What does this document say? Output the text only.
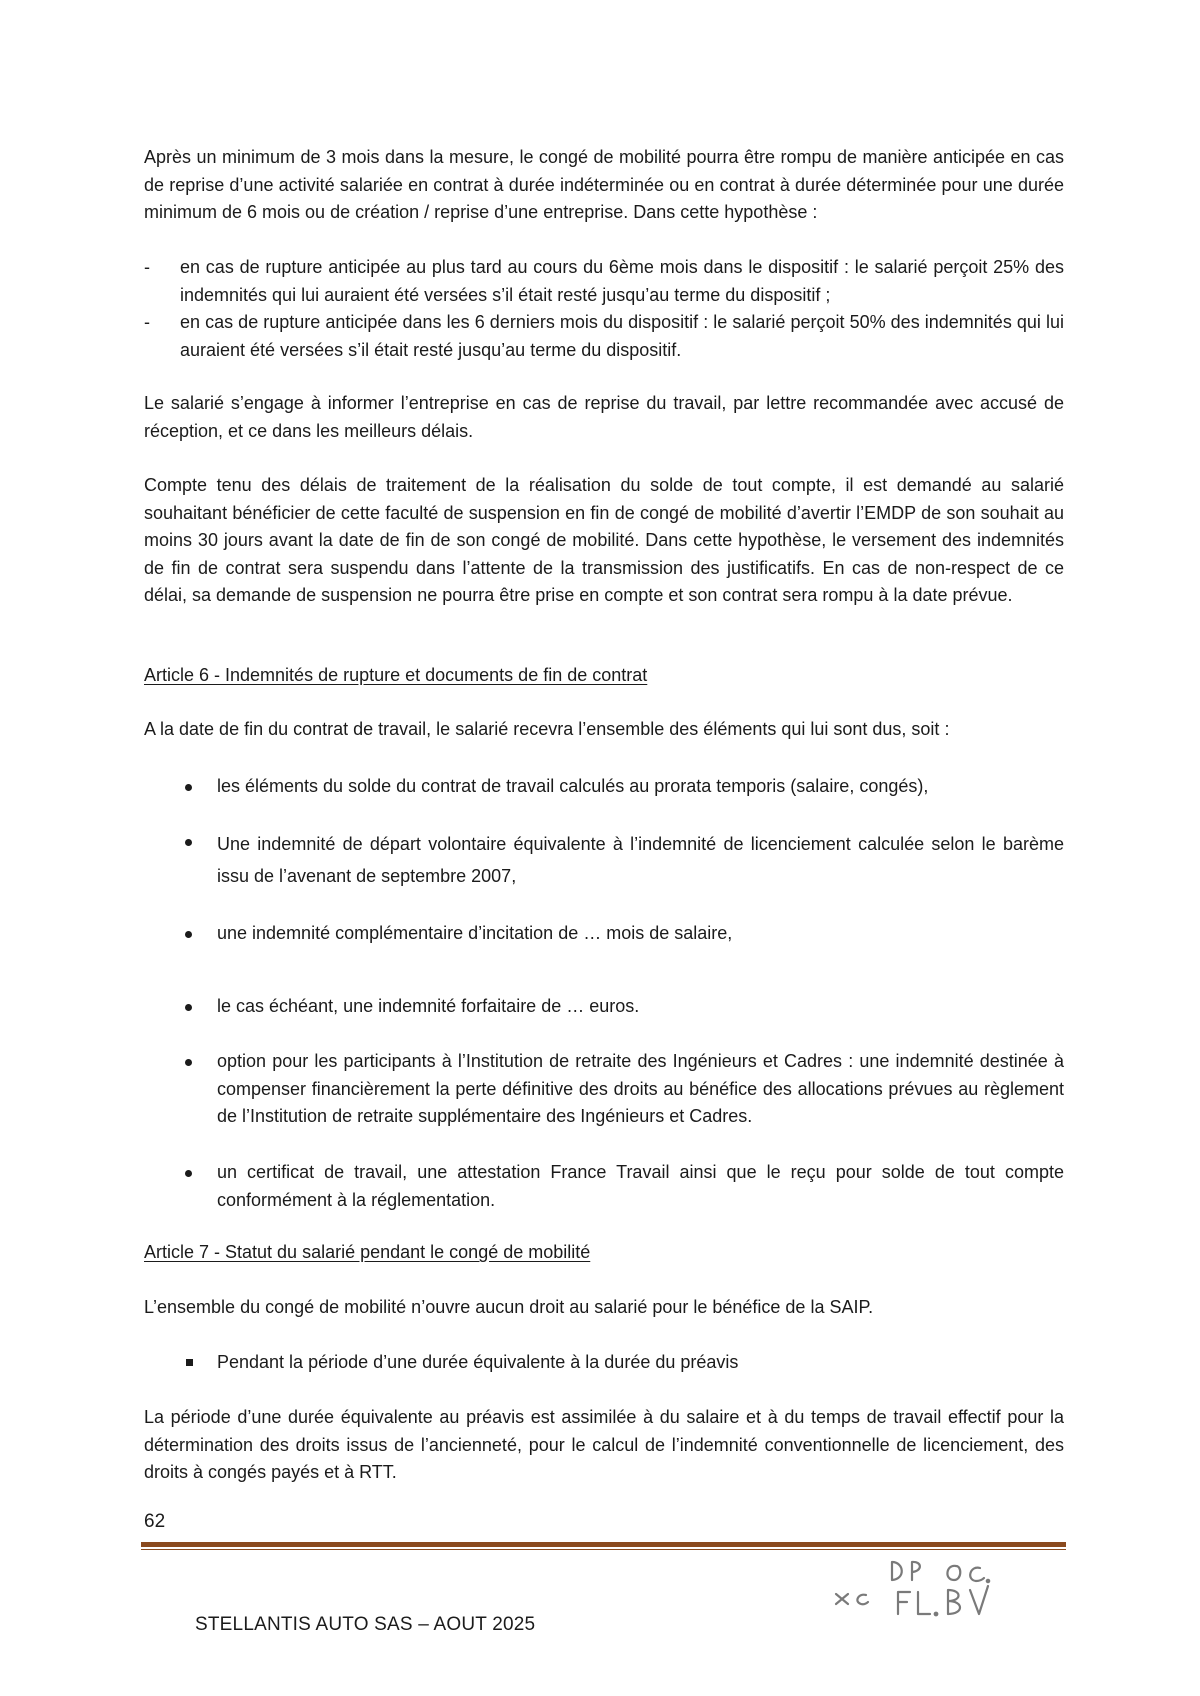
Après un minimum de 3 mois dans la mesure, le congé de mobilité pourra être rompu de manière anticipée en cas de reprise d’une activité salariée en contrat à durée indéterminée ou en contrat à durée déterminée pour une durée minimum de 6 mois ou de création / reprise d’une entreprise. Dans cette hypothèse :

- en cas de rupture anticipée au plus tard au cours du 6ème mois dans le dispositif : le salarié perçoit 25% des indemnités qui lui auraient été versées s’il était resté jusqu’au terme du dispositif ;
- en cas de rupture anticipée dans les 6 derniers mois du dispositif : le salarié perçoit 50% des indemnités qui lui auraient été versées s’il était resté jusqu’au terme du dispositif.

Le salarié s’engage à informer l’entreprise en cas de reprise du travail, par lettre recommandée avec accusé de réception, et ce dans les meilleurs délais.

Compte tenu des délais de traitement de la réalisation du solde de tout compte, il est demandé au salarié souhaitant bénéficier de cette faculté de suspension en fin de congé de mobilité d’avertir l’EMDP de son souhait au moins 30 jours avant la date de fin de son congé de mobilité. Dans cette hypothèse, le versement des indemnités de fin de contrat sera suspendu dans l’attente de la transmission des justificatifs. En cas de non-respect de ce délai, sa demande de suspension ne pourra être prise en compte et son contrat sera rompu à la date prévue.

Article 6 - Indemnités de rupture et documents de fin de contrat

A la date de fin du contrat de travail, le salarié recevra l’ensemble des éléments qui lui sont dus, soit :

les éléments du solde du contrat de travail calculés au prorata temporis (salaire, congés),
Une indemnité de départ volontaire équivalente à l’indemnité de licenciement calculée selon le barème issu de l’avenant de septembre 2007,
une indemnité complémentaire d’incitation de … mois de salaire,
le cas échéant, une indemnité forfaitaire de … euros.
option pour les participants à l’Institution de retraite des Ingénieurs et Cadres : une indemnité destinée à compenser financièrement la perte définitive des droits au bénéfice des allocations prévues au règlement de l’Institution de retraite supplémentaire des Ingénieurs et Cadres.
un certificat de travail, une attestation France Travail ainsi que le reçu pour solde de tout compte conformément à la réglementation.
Article 7 - Statut du salarié pendant le congé de mobilité

L’ensemble du congé de mobilité n’ouvre aucun droit au salarié pour le bénéfice de la SAIP.

Pendant la période d’une durée équivalente à la durée du préavis

La période d’une durée équivalente au préavis est assimilée à du salaire et à du temps de travail effectif pour la détermination des droits issus de l’ancienneté, pour le calcul de l’indemnité conventionnelle de licenciement, des droits à congés payés et à RTT.

62
STELLANTIS AUTO SAS – AOUT 2025
